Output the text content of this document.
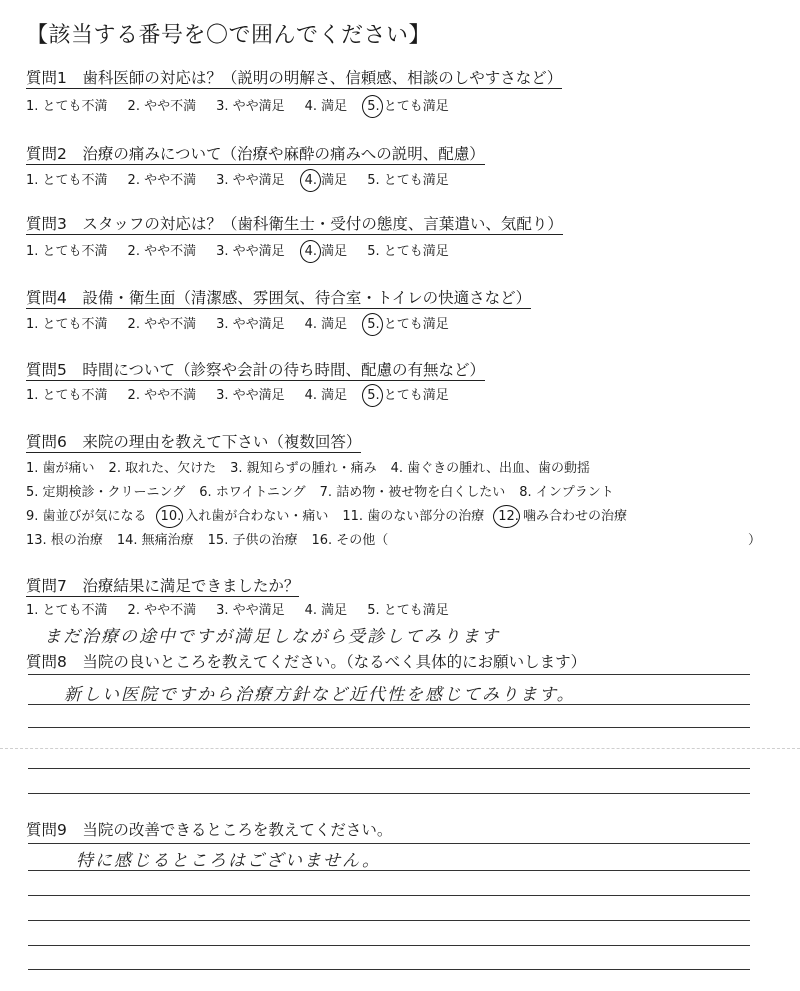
【該当する番号を〇で囲んでください】
質問1　歯科医師の対応は？（説明の明解さ、信頼感、相談のしやすさなど）
1. とても不満 2. やや不満 3. やや満足 4. 満足 5. とても満足
質問2　治療の痛みについて（治療や麻酔の痛みへの説明、配慮）
1. とても不満 2. やや不満 3. やや満足 4. 満足 5. とても満足
質問3　スタッフの対応は？（歯科衛生士・受付の態度、言葉遣い、気配り）
1. とても不満 2. やや不満 3. やや満足 4. 満足 5. とても満足
質問4　設備・衛生面（清潔感、雰囲気、待合室・トイレの快適さなど）
1. とても不満 2. やや不満 3. やや満足 4. 満足 5. とても満足
質問5　時間について（診察や会計の待ち時間、配慮の有無など）
1. とても不満 2. やや不満 3. やや満足 4. 満足 5. とても満足
質問6　来院の理由を教えて下さい（複数回答）
1. 歯が痛い 2. 取れた、欠けた 3. 親知らずの腫れ・痛み 4. 歯ぐきの腫れ、出血、歯の動揺
5. 定期検診・クリーニング 6. ホワイトニング 7. 詰め物・被せ物を白くしたい 8. インプラント
9. 歯並びが気になる 10. 入れ歯が合わない・痛い 11. 歯のない部分の治療 12. 噛み合わせの治療
13. 根の治療 14. 無痛治療 15. 子供の治療 16. その他（	）
質問7　治療結果に満足できましたか？
1. とても不満 2. やや不満 3. やや満足 4. 満足 5. とても満足
まだ治療の途中ですが満足しながら受診してみります
質問8　当院の良いところを教えてください。（なるべく具体的にお願いします）
新しい医院ですから治療方針など近代性を感じてみります。
質問9　当院の改善できるところを教えてください。
特に感じるところはございません。
